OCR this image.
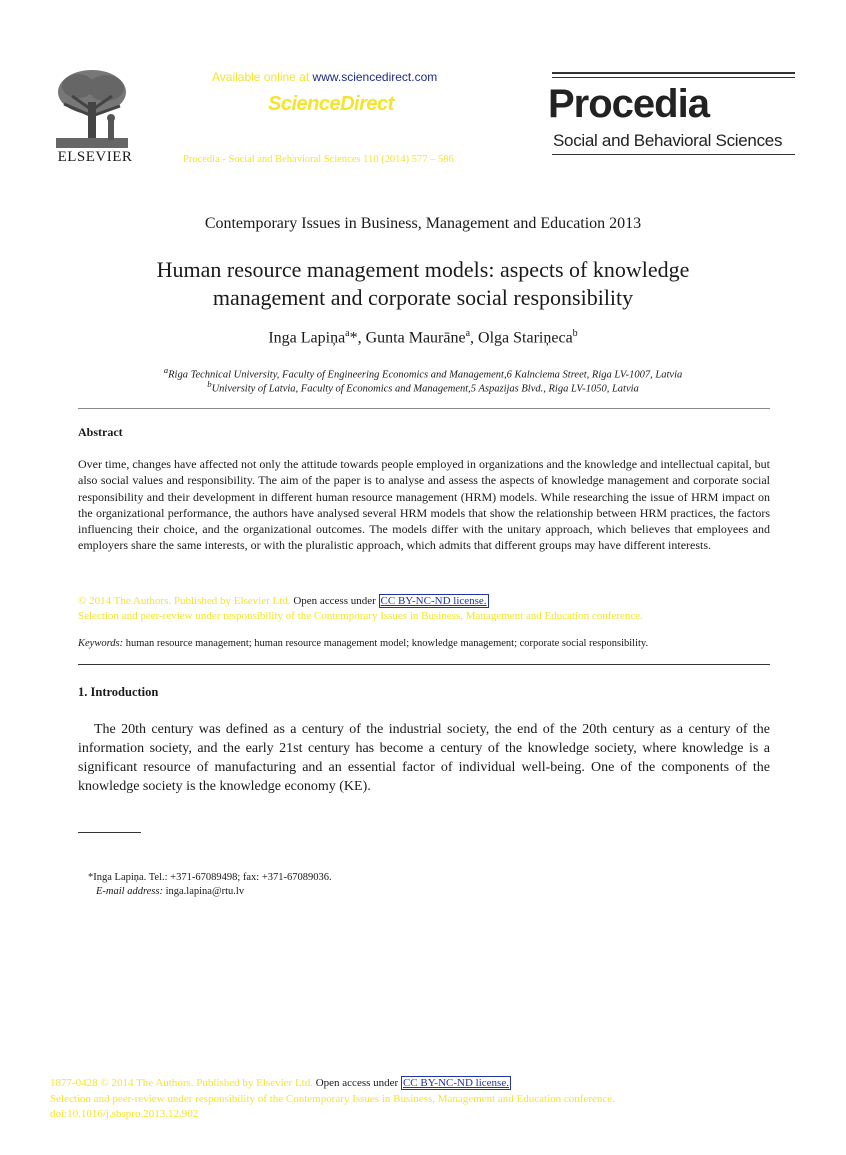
ELSEVIER
Available online at www.sciencedirect.com
ScienceDirect
Procedia - Social and Behavioral Sciences 110 (2014) 577 – 586
Procedia
Social and Behavioral Sciences
Contemporary Issues in Business, Management and Education 2013
Human resource management models: aspects of knowledge
management and corporate social responsibility
Inga Lapiņa$^a$*, Gunta Maurāne$^a$, Olga Stariņeca$^b$
$^a$Riga Technical University, Faculty of Engineering Economics and Management,6 Kalnciema Street, Riga LV-1007, Latvia
$^b$University of Latvia, Faculty of Economics and Management,5 Aspazijas Blvd., Riga LV-1050, Latvia
Abstract
Over time, changes have affected not only the attitude towards people employed in organizations and the knowledge and intellectual capital, but also social values and responsibility. The aim of the paper is to analyse and assess the aspects of knowledge management and corporate social responsibility and their development in different human resource management (HRM) models. While researching the issue of HRM impact on the organizational performance, the authors have analysed several HRM models that show the relationship between HRM practices, the factors influencing their choice, and the organizational outcomes. The models differ with the unitary approach, which believes that employees and employers share the same interests, or with the pluralistic approach, which admits that different groups may have different interests.
© 2014 The Authors. Published by Elsevier Ltd. Open access under CC BY-NC-ND license.
Selection and peer-review under responsibility of the Contemporary Issues in Business, Management and Education conference.
Keywords: human resource management; human resource management model; knowledge management; corporate social responsibility.
1. Introduction
The 20th century was defined as a century of the industrial society, the end of the 20th century as a century of the information society, and the early 21st century has become a century of the knowledge society, where knowledge is a significant resource of manufacturing and an essential factor of individual well-being. One of the components of the knowledge society is the knowledge economy (KE).
*Inga Lapiņa. Tel.: +371-67089498; fax: +371-67089036.
E-mail address: inga.lapina@rtu.lv
1877-0428 © 2014 The Authors. Published by Elsevier Ltd. Open access under CC BY-NC-ND license.
Selection and peer-review under responsibility of the Contemporary Issues in Business, Management and Education conference.
doi:10.1016/j.sbspro.2013.12.902
